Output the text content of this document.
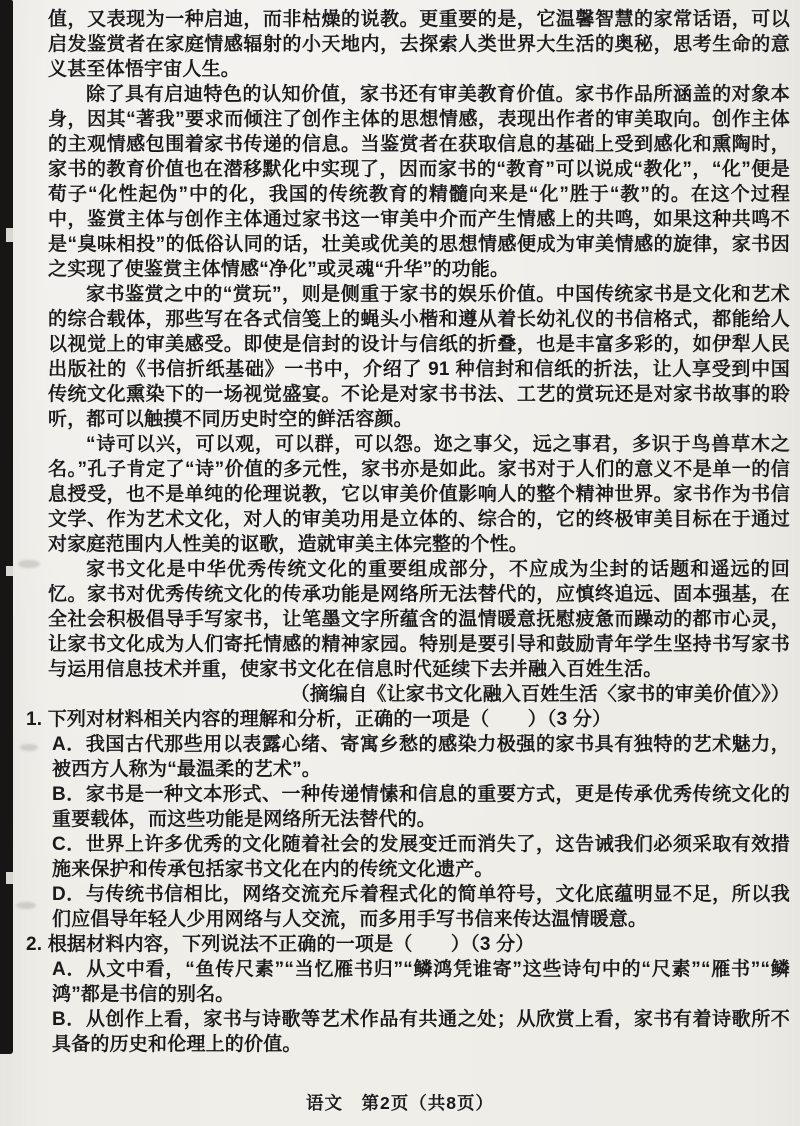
值，又表现为一种启迪，而非枯燥的说教。更重要的是，它温馨智慧的家常话语，可以启发鉴赏者在家庭情感辐射的小天地内，去探索人类世界大生活的奥秘，思考生命的意义甚至体悟宇宙人生。

除了具有启迪特色的认知价值，家书还有审美教育价值。家书作品所涵盖的对象本身，因其“著我”要求而倾注了创作主体的思想情感，表现出作者的审美取向。创作主体的主观情感包围着家书传递的信息。当鉴赏者在获取信息的基础上受到感化和熏陶时，家书的教育价值也在潜移默化中实现了，因而家书的“教育”可以说成“教化”，“化”便是荀子“化性起伪”中的化，我国的传统教育的精髓向来是“化”胜于“教”的。在这个过程中，鉴赏主体与创作主体通过家书这一审美中介而产生情感上的共鸣，如果这种共鸣不是“臭味相投”的低俗认同的话，壮美或优美的思想情感便成为审美情感的旋律，家书因之实现了使鉴赏主体情感“净化”或灵魂“升华”的功能。

家书鉴赏之中的“赏玩”，则是侧重于家书的娱乐价值。中国传统家书是文化和艺术的综合载体，那些写在各式信笺上的蝇头小楷和遵从着长幼礼仪的书信格式，都能给人以视觉上的审美感受。即使是信封的设计与信纸的折叠，也是丰富多彩的，如伊犁人民出版社的《书信折纸基础》一书中，介绍了 91 种信封和信纸的折法，让人享受到中国传统文化熏染下的一场视觉盛宴。不论是对家书书法、工艺的赏玩还是对家书故事的聆听，都可以触摸不同历史时空的鲜活容颜。

“诗可以兴，可以观，可以群，可以怨。迩之事父，远之事君，多识于鸟兽草木之名。”孔子肯定了“诗”价值的多元性，家书亦是如此。家书对于人们的意义不是单一的信息授受，也不是单纯的伦理说教，它以审美价值影响人的整个精神世界。家书作为书信文学、作为艺术文化，对人的审美功用是立体的、综合的，它的终极审美目标在于通过对家庭范围内人性美的讴歌，造就审美主体完整的个性。

家书文化是中华优秀传统文化的重要组成部分，不应成为尘封的话题和遥远的回忆。家书对优秀传统文化的传承功能是网络所无法替代的，应慎终追远、固本强基，在全社会积极倡导手写家书，让笔墨文字所蕴含的温情暖意抚慰疲惫而躁动的都市心灵，让家书文化成为人们寄托情感的精神家园。特别是要引导和鼓励青年学生坚持书写家书与运用信息技术并重，使家书文化在信息时代延续下去并融入百姓生活。

（摘编自《让家书文化融入百姓生活〈家书的审美价值〉》）

1. 下列对材料相关内容的理解和分析，正确的一项是（　　）（3 分）

A．我国古代那些用以表露心绪、寄寓乡愁的感染力极强的家书具有独特的艺术魅力，被西方人称为“最温柔的艺术”。

B．家书是一种文本形式、一种传递情愫和信息的重要方式，更是传承优秀传统文化的重要载体，而这些功能是网络所无法替代的。

C．世界上许多优秀的文化随着社会的发展变迁而消失了，这告诫我们必须采取有效措施来保护和传承包括家书文化在内的传统文化遗产。

D．与传统书信相比，网络交流充斥着程式化的简单符号，文化底蕴明显不足，所以我们应倡导年轻人少用网络与人交流，而多用手写书信来传达温情暖意。

2. 根据材料内容，下列说法不正确的一项是（　　）（3 分）

A．从文中看，“鱼传尺素”“当忆雁书归”“鳞鸿凭谁寄”这些诗句中的“尺素”“雁书”“鳞鸿”都是书信的别名。

B．从创作上看，家书与诗歌等艺术作品有共通之处；从欣赏上看，家书有着诗歌所不具备的历史和伦理上的价值。

语文　第2页（共8页）
